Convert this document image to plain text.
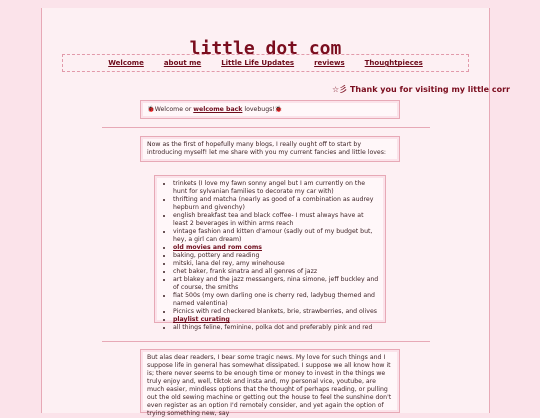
little dot com
Welcome	about me	Little Life Updates	reviews	Thoughtpieces
☆彡 Thank you for visiting my little corr
🐞Welcome or welcome back lovebugs!🐞
Now as the first of hopefully many blogs, I really ought off to start by introducing myself! let me share with you my current fancies and little loves:
• trinkets (I love my fawn sonny angel but I am currently on the hunt for sylvanian families to decorate my car with)
• thrifting and matcha (nearly as good of a combination as audrey hepburn and givenchy)
• english breakfast tea and black coffee- I must always have at least 2 beverages in within arms reach
• vintage fashion and kitten d'amour (sadly out of my budget but, hey, a girl can dream)
• old movies and rom coms
• baking, pottery and reading
• mitski, lana del rey, amy winehouse
• chet baker, frank sinatra and all genres of jazz
• art blakey and the jazz messangers, nina simone, jeff buckley and of course, the smiths
• fiat 500s (my own darling one is cherry red, ladybug themed and named valentina)
• Picnics with red checkered blankets, brie, strawberries, and olives
• playlist curating
• all things feline, feminine, polka dot and preferably pink and red
But alas dear readers, I bear some tragic news. My love for such things and I suppose life in general has somewhat dissipated. I suppose we all know how it is; there never seems to be enough time or money to invest in the things we truly enjoy and, well, tiktok and insta and, my personal vice, youtube, are much easier, mindless options that the thought of perhaps reading, or pulling out the old sewing machine or getting out the house to feel the sunshine don't even register as an option I'd remotely consider, and yet again the option of trying something new, say
